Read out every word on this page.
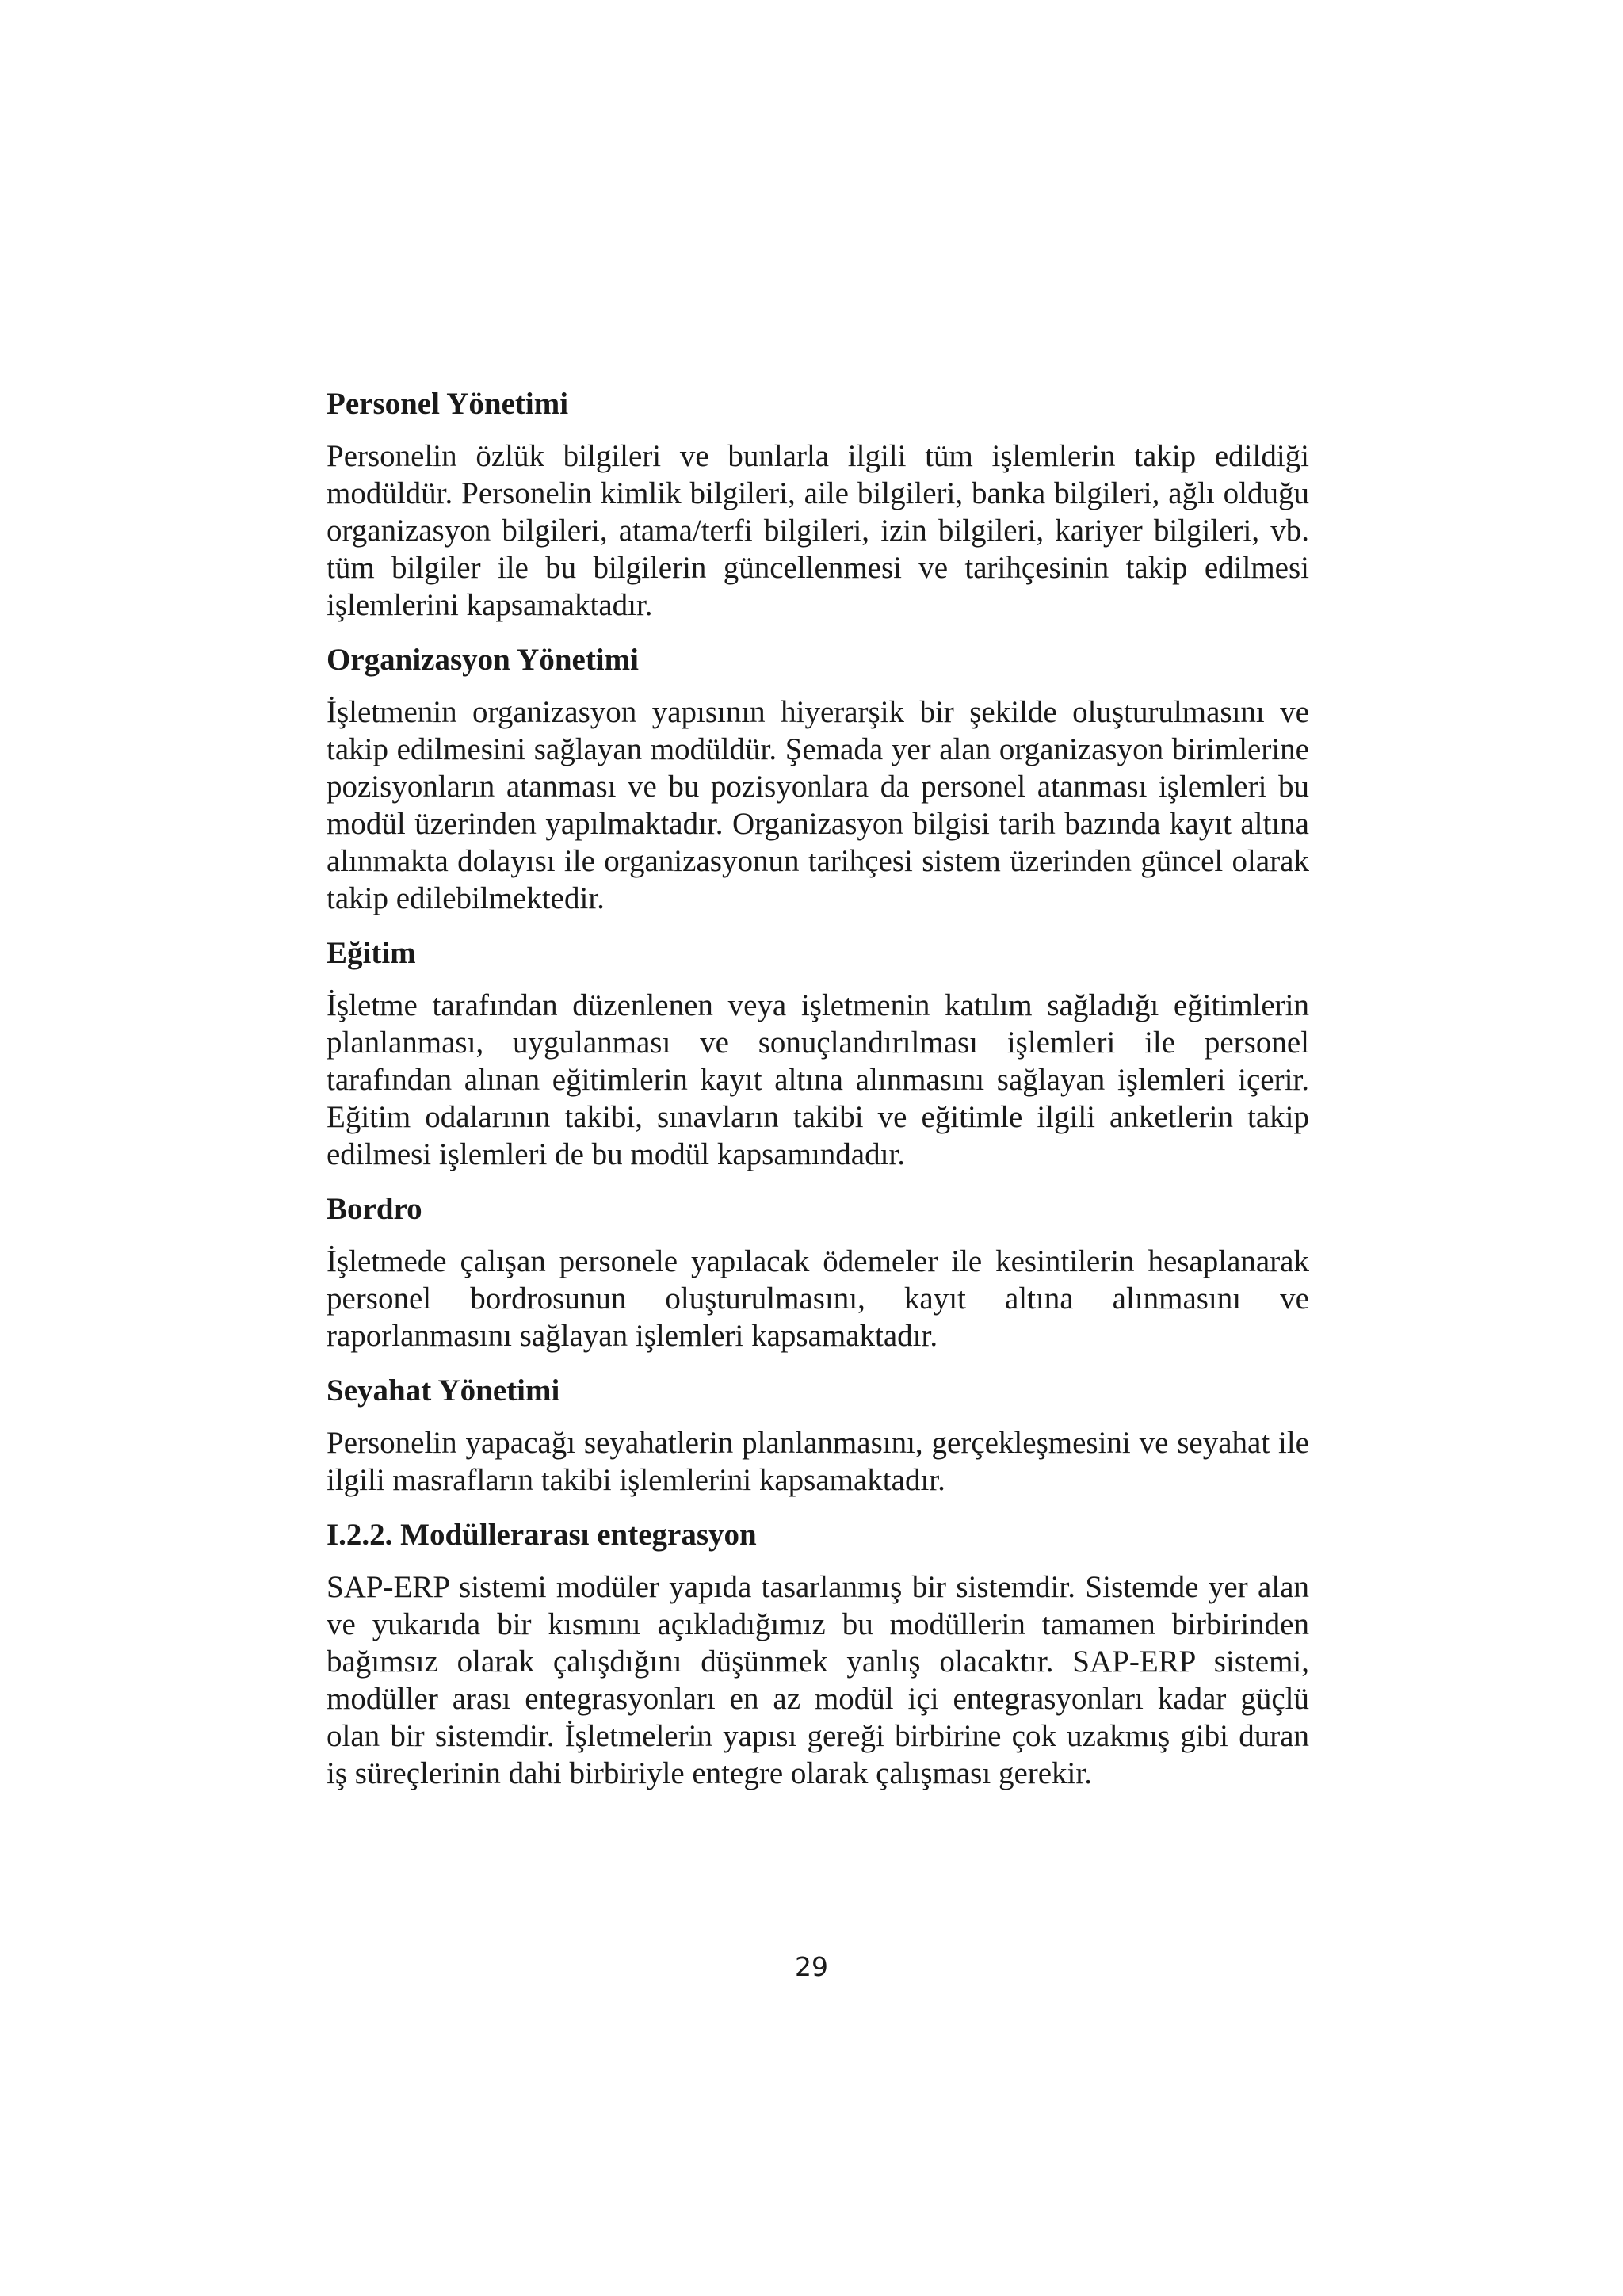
Personel Yönetimi

Personelin özlük bilgileri ve bunlarla ilgili tüm işlemlerin takip edildiği modüldür. Personelin kimlik bilgileri, aile bilgileri, banka bilgileri, ağlı olduğu organizasyon bilgileri, atama/terfi bilgileri, izin bilgileri, kariyer bilgileri, vb. tüm bilgiler ile bu bilgilerin güncellenmesi ve tarihçesinin takip edilmesi işlemlerini kapsamaktadır.

Organizasyon Yönetimi

İşletmenin organizasyon yapısının hiyerarşik bir şekilde oluşturulmasını ve takip edilmesini sağlayan modüldür. Şemada yer alan organizasyon birimlerine pozisyonların atanması ve bu pozisyonlara da personel atanması işlemleri bu modül üzerinden yapılmaktadır. Organizasyon bilgisi tarih bazında kayıt altına alınmakta dolayısı ile organizasyonun tarihçesi sistem üzerinden güncel olarak takip edilebilmektedir.

Eğitim

İşletme tarafından düzenlenen veya işletmenin katılım sağladığı eğitimlerin planlanması, uygulanması ve sonuçlandırılması işlemleri ile personel tarafından alınan eğitimlerin kayıt altına alınmasını sağlayan işlemleri içerir. Eğitim odalarının takibi, sınavların takibi ve eğitimle ilgili anketlerin takip edilmesi işlemleri de bu modül kapsamındadır.

Bordro

İşletmede çalışan personele yapılacak ödemeler ile kesintilerin hesaplanarak personel bordrosunun oluşturulmasını, kayıt altına alınmasını ve raporlanmasını sağlayan işlemleri kapsamaktadır.

Seyahat Yönetimi

Personelin yapacağı seyahatlerin planlanmasını, gerçekleşmesini ve seyahat ile ilgili masrafların takibi işlemlerini kapsamaktadır.

I.2.2. Modüllerarası entegrasyon

SAP-ERP sistemi modüler yapıda tasarlanmış bir sistemdir. Sistemde yer alan ve yukarıda bir kısmını açıkladığımız bu modüllerin tamamen birbirinden bağımsız olarak çalışdığını düşünmek yanlış olacaktır. SAP-ERP sistemi, modüller arası entegrasyonları en az modül içi entegrasyonları kadar güçlü olan bir sistemdir. İşletmelerin yapısı gereği birbirine çok uzakmış gibi duran iş süreçlerinin dahi birbiriyle entegre olarak çalışması gerekir.

29
